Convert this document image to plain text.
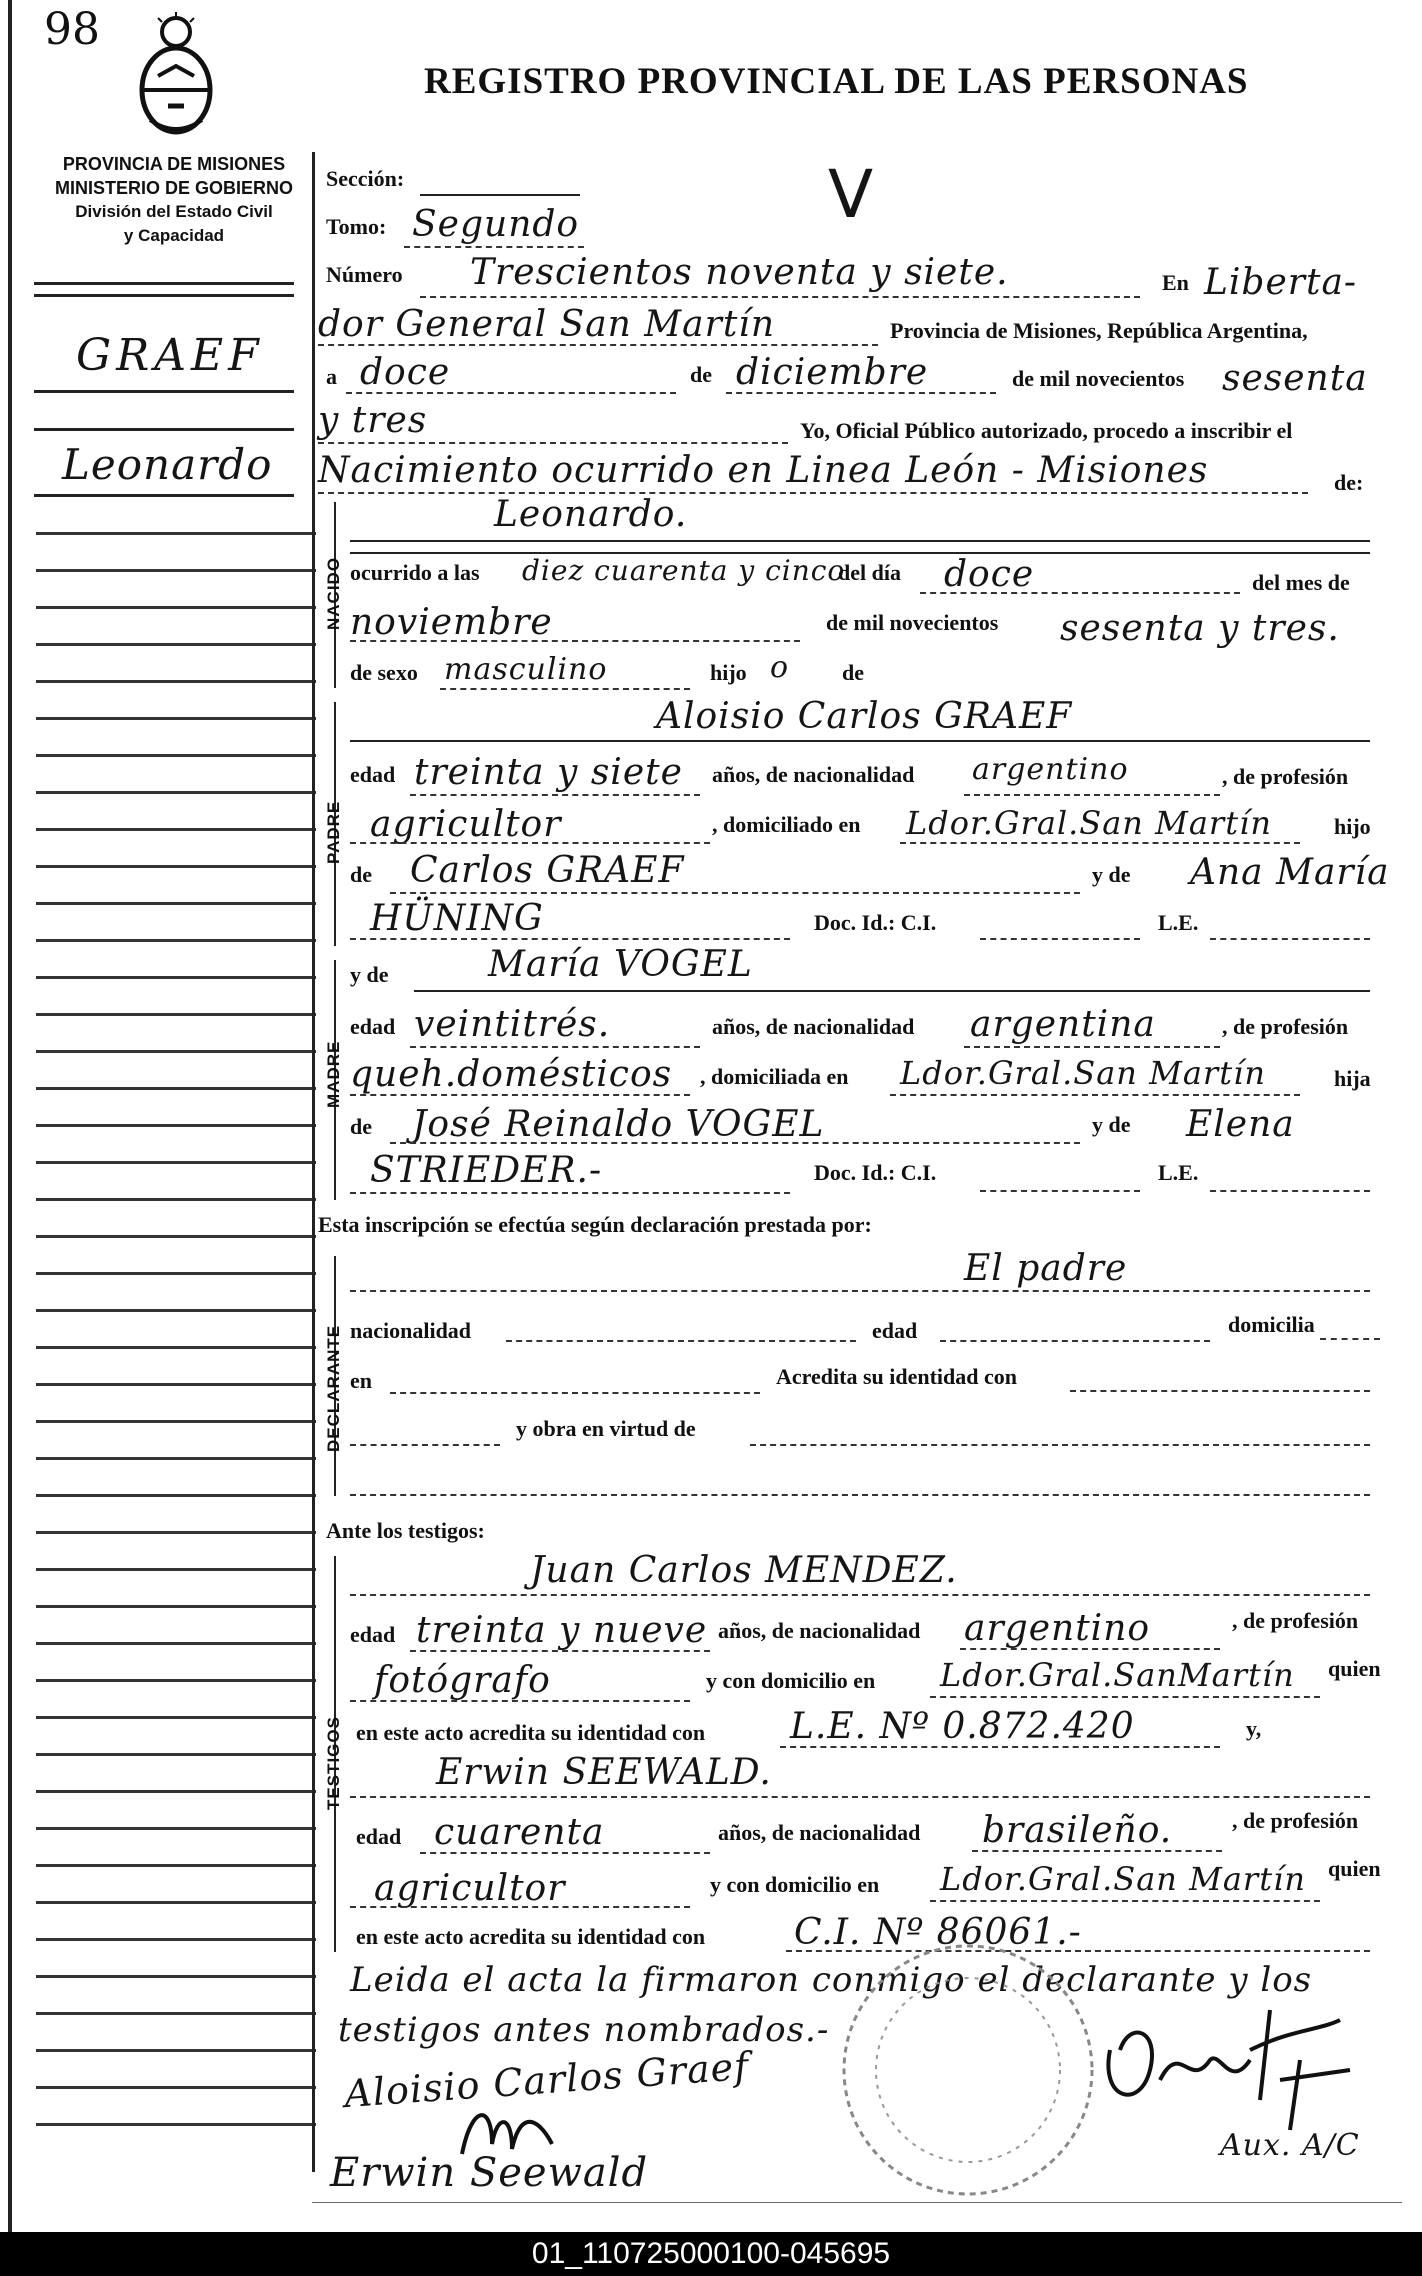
98
REGISTRO PROVINCIAL DE LAS PERSONAS
PROVINCIA DE MISIONES
MINISTERIO DE GOBIERNO
División del Estado Civil
y Capacidad
GRAEF
Leonardo
V
Sección:
Tomo: Segundo
Número Trescientos noventa y siete.	En Liberta-
dor General San Martín	Provincia de Misiones, República Argentina,
a doce	de diciembre	de mil novecientos sesenta
y tres	Yo, Oficial Público autorizado, procedo a inscribir el
Nacimiento ocurrido en Linea León - Misiones	de:
NACIDO
Leonardo.
ocurrido a las diez cuarenta y cinco
del día doce	del mes de
noviembre	de mil novecientos sesenta y tres.
de sexo masculino	hijo o de
PADRE
Aloisio Carlos GRAEF
edad treinta y siete años, de nacionalidad argentino	, de profesión
agricultor	, domiciliado en Ldor.Gral.San Martín	hijo
de Carlos GRAEF	y de Ana María
HÜNING	Doc. Id.: C.I.	L.E.
MADRE
y de	María VOGEL
edad veintitrés.	años, de nacionalidad argentina	, de profesión
queh.domésticos , domiciliada en Ldor.Gral.San Martín	hija
de José Reinaldo VOGEL	y de Elena
STRIEDER.-	Doc. Id.: C.I.	L.E.
Esta inscripción se efectúa según declaración prestada por:
DECLARANTE
El padre
nacionalidad	edad	domicilia
en	Acredita su identidad con
y obra en virtud de
Ante los testigos:
TESTIGOS
Juan Carlos MENDEZ.
edad treinta y nueve años, de nacionalidad argentino	, de profesión
fotógrafo	y con domicilio en Ldor.Gral.SanMartín quien
en este acto acredita su identidad con L.E. Nº 0.872.420	y,
Erwin SEEWALD.
edad cuarenta	años, de nacionalidad brasileño.	, de profesión
agricultor	y con domicilio en Ldor.Gral.San Martín quien
en este acto acredita su identidad con C.I. Nº 86061.-
Leida el acta la firmaron conmigo el declarante y los
testigos antes nombrados.-
Aloisio Carlos Graef
Aux. A/C
Erwin Seewald
01_110725000100-045695
